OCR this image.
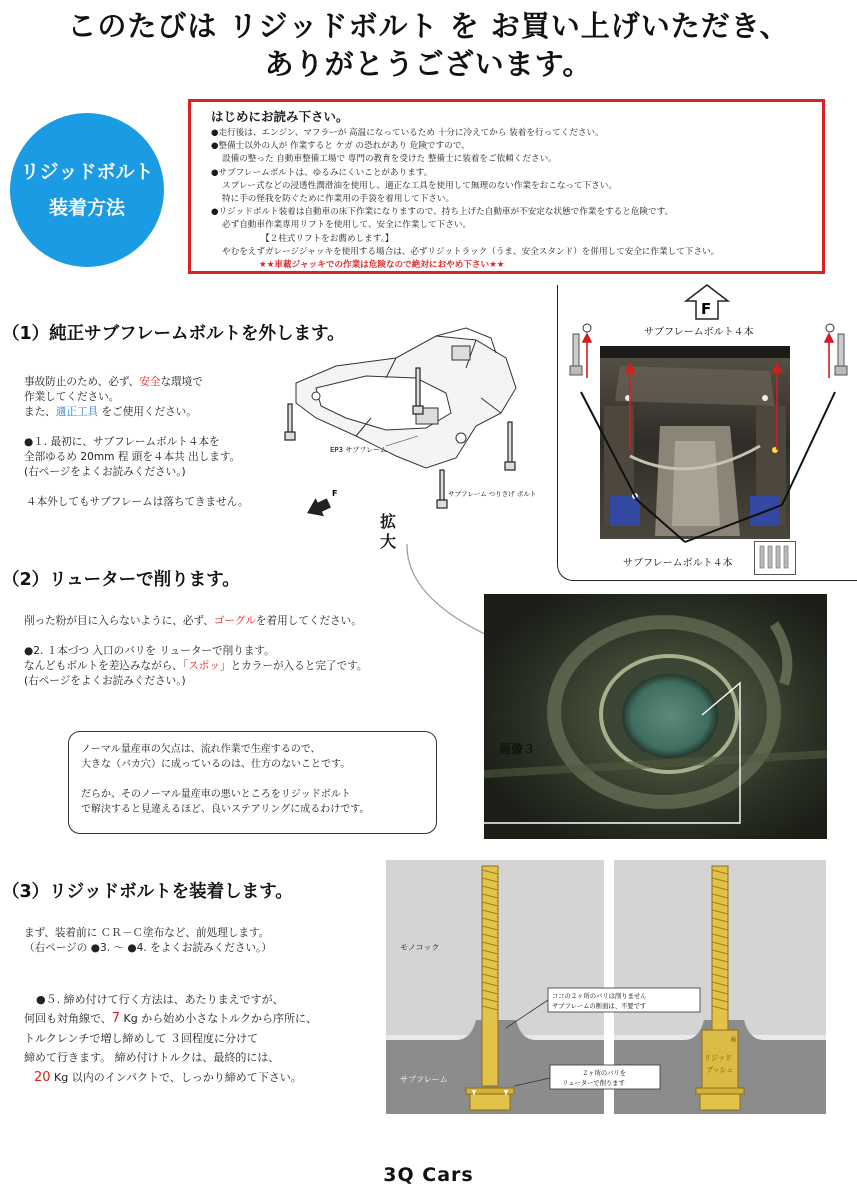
このたびは リジッドボルト を お買い上げいただき、
ありがとうございます。
リジッドボルト
装着方法
はじめにお読み下さい。

●走行後は、エンジン、マフラーが 高温になっているため 十分に冷えてから 装着を行ってください。

●整備士以外の人が 作業すると ケガ の恐れがあり 危険ですので、

設備の整った 自動車整備工場で 専門の教育を受けた 整備士に装着をご依頼ください。

●サブフレームボルトは、ゆるみにくいことがあります。

スプレー式などの浸透性潤滑油を使用し、適正な工具を使用して無理のない作業をおこなって下さい。

特に手の怪我を防ぐために作業用の手袋を着用して下さい。

●リジッドボルト装着は自動車の床下作業になりますので、持ち上げた自動車が不安定な状態で作業をすると危険です。

必ず自動車作業専用リフトを使用して、安全に作業して下さい。

【２柱式リフトをお薦めします。】

やむをえずガレージジャッキを使用する場合は、必ずリジットラック（うま、安全スタンド）を併用して安全に作業して下さい。

★★車載ジャッキでの作業は危険なので絶対におやめ下さい★★

（1）純正サブフレームボルトを外します。
事故防止のため、必ず、安全な環境で
作業してください。
また、適正工具 をご使用ください。
●１. 最初に、サブフレームボルト４本を
全部ゆるめ 20mm 程 頭を４本共 出します。
(右ページをよくお読みください。)
４本外してもサブフレームは落ちてきません。
EP3 サブフレーム
サブフレーム つりさげ ボルト
F
拡
大
F
サブフレームボルト４本
サブフレームボルト４本
（2）リューターで削ります。
削った粉が目に入らないように、必ず、ゴーグルを着用してください。
●2. １本づつ 入口のバリを リューターで削ります。
なんどもボルトを差込みながら、「スポッ」とカラーが入ると完了です。
(右ページをよくお読みください。)
画像３

ノーマル量産車の欠点は、流れ作業で生産するので、

大きな（バカ穴）に成っているのは、仕方のないことです。

だらか、そのノーマル量産車の悪いところをリジッドボルト

で解決すると見違えるほど、良いステアリングに成るわけです。

（3）リジッドボルトを装着します。
まず、装着前に ＣＲ－Ｃ塗布など、前処理します。
（右ページの ●3. 〜 ●4. をよくお読みください。）
●５. 締め付けて行く方法は、あたりまえですが、
何回も対角線で、7 Kg から始め小さなトルクから序所に、
トルクレンチで増し締めして ３回程度に分けて
締めて行きます。 締め付けトルクは、最終的には、
20 Kg 以内のインパクトで、しっかり締めて下さい。
モノコック
サブフレーム
リジッド
ブッシュ
®
ココの２ヶ所のバリは削りません
サブフレームの断面は、不要です
２ヶ所のバリを
リューターで削ります
3Q Cars
